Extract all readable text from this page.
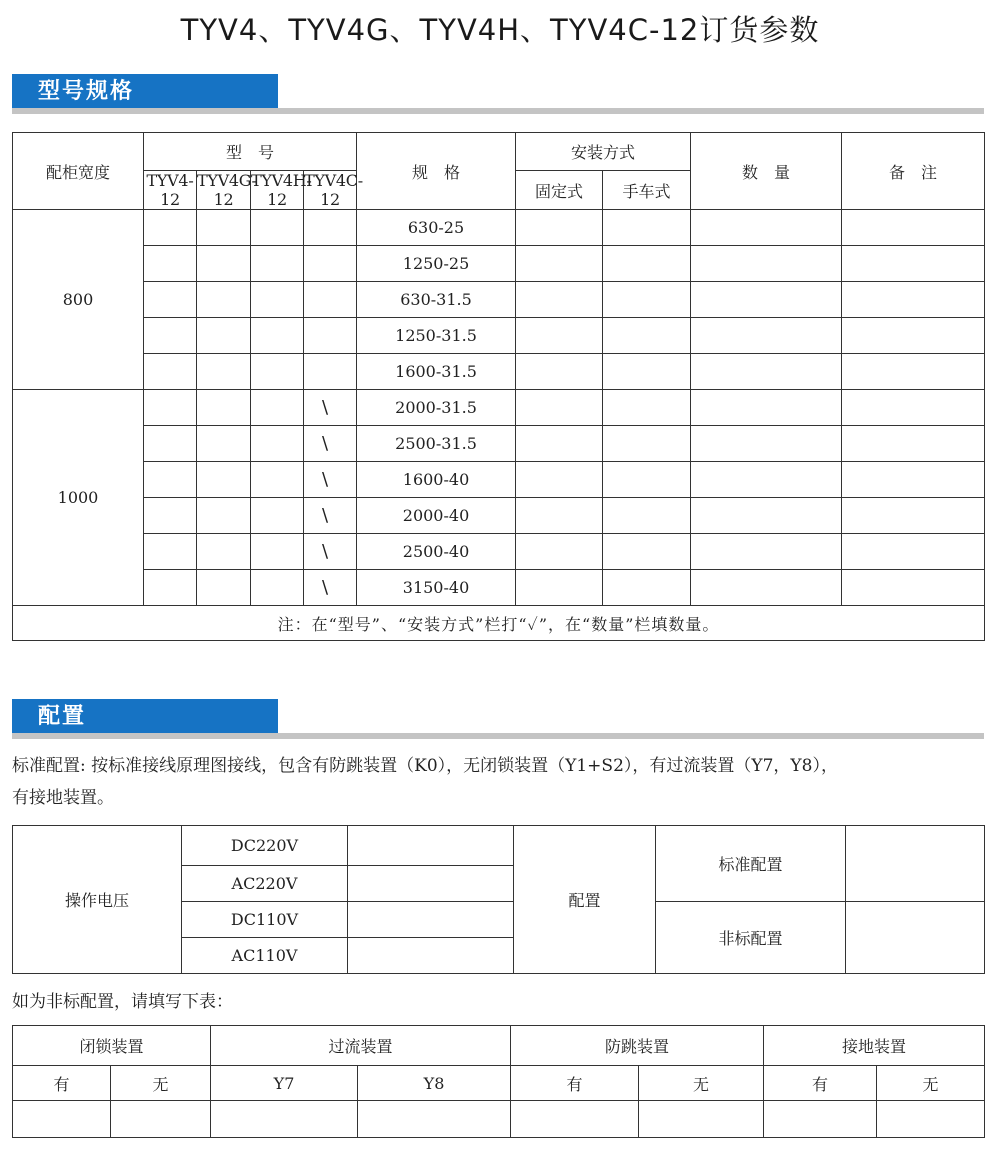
TYV4、TYV4G、TYV4H、TYV4C-12订货参数
型号规格
配柜宽度	型　号				规　格	安装方式		数　量	备　注
	TYV4-12	TYV4G-12	TYV4H-12	TYV4C-12		固定式	手车式		
800					630-25				
					1250-25				
					630-31.5				
					1250-31.5				
					1600-31.5				
1000				\	2000-31.5				
				\	2500-31.5				
				\	1600-40				
				\	2000-40				
				\	2500-40				
				\	3150-40				
注：在“型号”、“安装方式”栏打“✓”，在“数量”栏填数量。									
配置
标准配置: 按标准接线原理图接线，包含有防跳装置（K0），无闭锁装置（Y1+S2），有过流装置（Y7，Y8），
有接地装置。
操作电压	DC220V		配置	标准配置	
	AC220V				
	DC110V			非标配置	
	AC110V				
如为非标配置，请填写下表：
闭锁装置		过流装置		防跳装置		接地装置	
有	无	Y7	Y8	有	无	有	无
